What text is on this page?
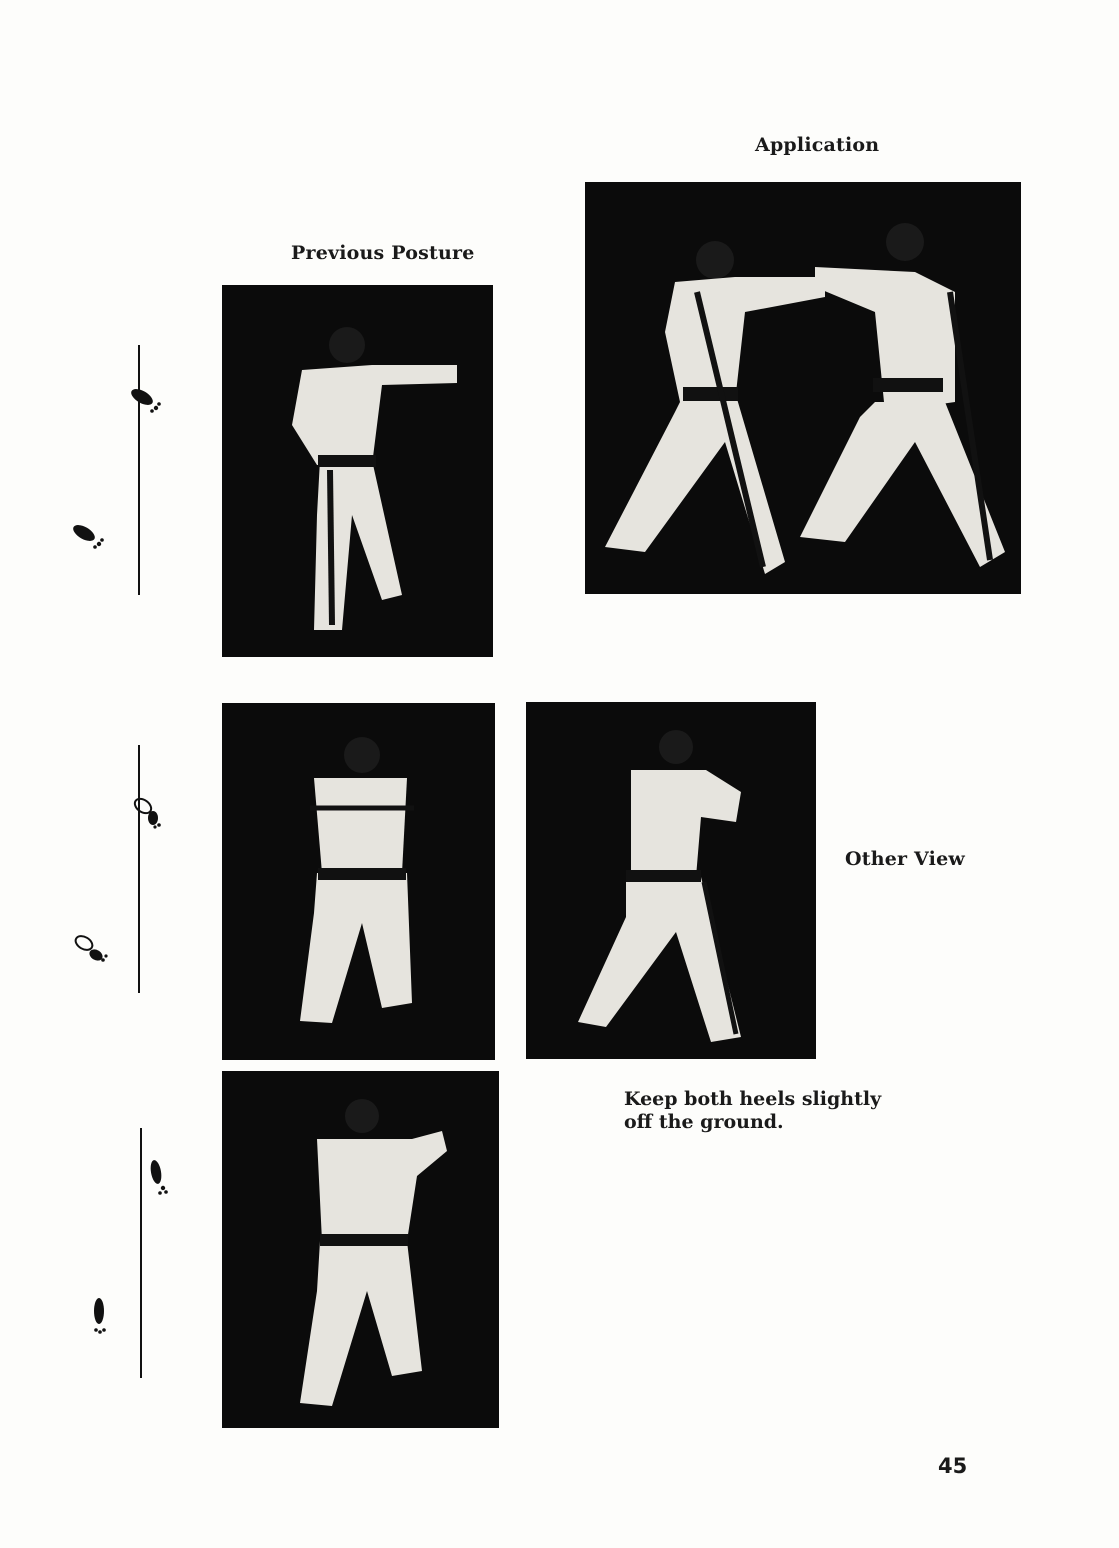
Application
Previous Posture
Other View
Keep both heels slightly
off the ground.
45
